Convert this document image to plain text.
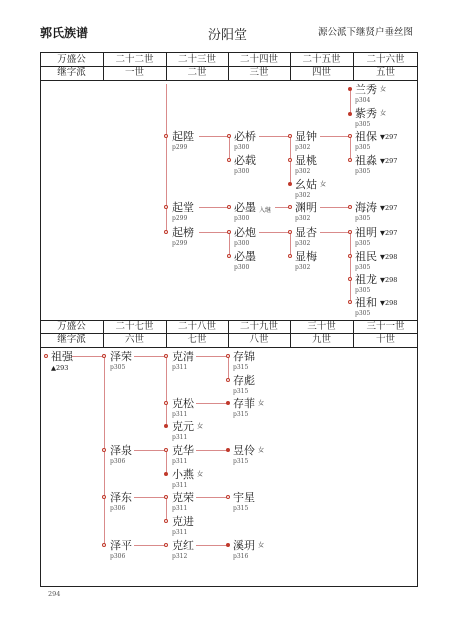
郭氏族谱	汾阳堂	源公派下继贤户垂丝图
万盛公	二十二世	二十三世	二十四世	二十五世	二十六世
继字派	一世	二世	三世	四世	五世
万盛公	二十七世	二十八世	二十九世	三十世	三十一世
继字派	六世	七世	八世	九世	十世
兰秀 女
p304
紫秀 女
p305
起陞
p299
必桥
p300
显钟
p302
祖保 ▼297
p305
必载
p300
显桃
p302
祖淼 ▼297
p305
幺姑 女
p302
起堂
p299
必墨 入继
p300
渊明
p302
海涛 ▼297
p305
起榜
p299
必炮
p300
显杏
p302
祖明 ▼297
p305
必墨
p300
显梅
p302
祖民 ▼298
p305
祖龙 ▼298
p305
祖和 ▼298
p305
祖强
▲293
泽荣
p305
克清
p311
存锦
p315
存彪
p315
克松
p311
存菲 女
p315
克元 女
p311
泽泉
p306
克华
p311
昱伶 女
p315
小燕 女
p311
泽东
p306
克荣
p311
宇星
p315
克进
p311
泽平
p306
克红
p312
溪玥 女
p316
294
